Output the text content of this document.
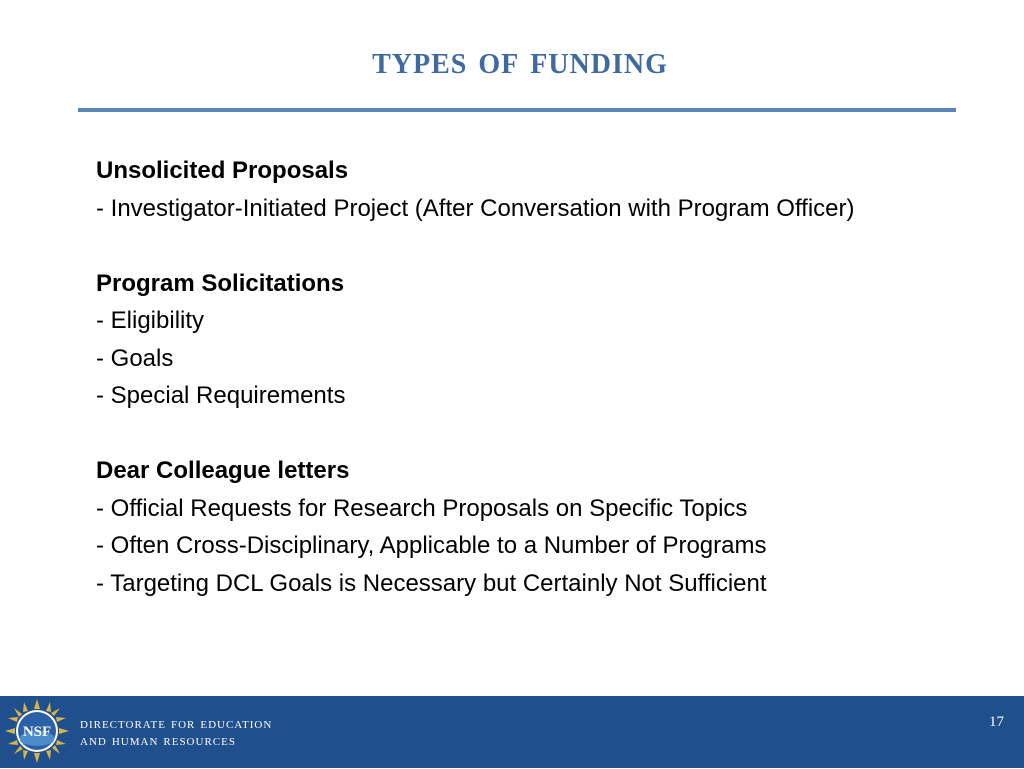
types of funding
Unsolicited Proposals
- Investigator-Initiated Project (After Conversation with Program Officer)
Program Solicitations
- Eligibility
- Goals
- Special Requirements
Dear Colleague letters
- Official Requests for Research Proposals on Specific Topics
- Often Cross-Disciplinary, Applicable to a Number of Programs
- Targeting DCL Goals is Necessary but Certainly Not Sufficient
NSF directorate for education
and human resources
17
